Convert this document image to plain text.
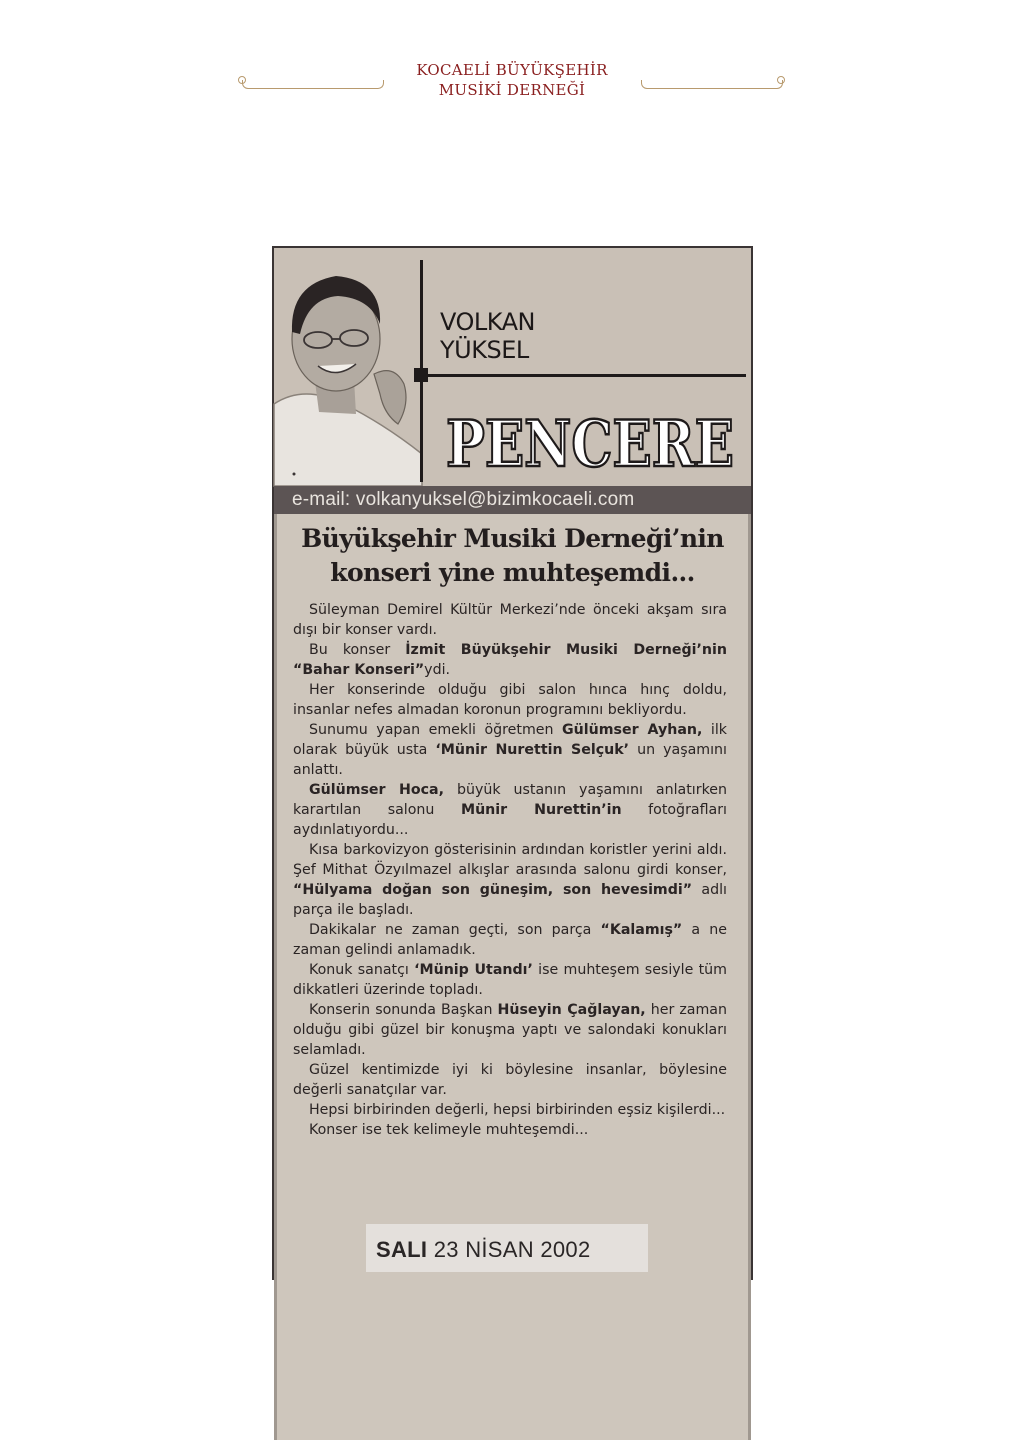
KOCAELİ BÜYÜKŞEHİR
MUSİKİ DERNEĞİ
VOLKAN
YÜKSEL
PENCERE
e-mail: volkanyuksel@bizimkocaeli.com
Büyükşehir Musiki Derneği’nin
konseri yine muhteşemdi...

Süleyman Demirel Kültür Merkezi’nde önceki akşam sıra dışı bir konser vardı.

Bu konser İzmit Büyükşehir Musiki Derneği’nin “Bahar Konseri”ydi.

Her konserinde olduğu gibi salon hınca hınç doldu, insanlar nefes almadan koronun programını bekliyordu.

Sunumu yapan emekli öğretmen Gülümser Ayhan, ilk olarak büyük usta ‘Münir Nurettin Selçuk’ un yaşamını anlattı.

Gülümser Hoca, büyük ustanın yaşamını anlatırken karartılan salonu Münir Nurettin’in fotoğrafları aydınlatıyordu...

Kısa barkovizyon gösterisinin ardından koristler yerini aldı. Şef Mithat Özyılmazel alkışlar arasında salonu girdi konser, “Hülyama doğan son güneşim, son hevesimdi” adlı parça ile başladı.

Dakikalar ne zaman geçti, son parça “Kalamış” a ne zaman gelindi anlamadık.

Konuk sanatçı ‘Münip Utandı’ ise muhteşem sesiyle tüm dikkatleri üzerinde topladı.

Konserin sonunda Başkan Hüseyin Çağlayan, her zaman olduğu gibi güzel bir konuşma yaptı ve salondaki konukları selamladı.

Güzel kentimizde iyi ki böylesine insanlar, böylesine değerli sanatçılar var.

Hepsi birbirinden değerli, hepsi birbirinden eşsiz kişilerdi...

Konser ise tek kelimeyle muhteşemdi...

SALI 23 NİSAN 2002
